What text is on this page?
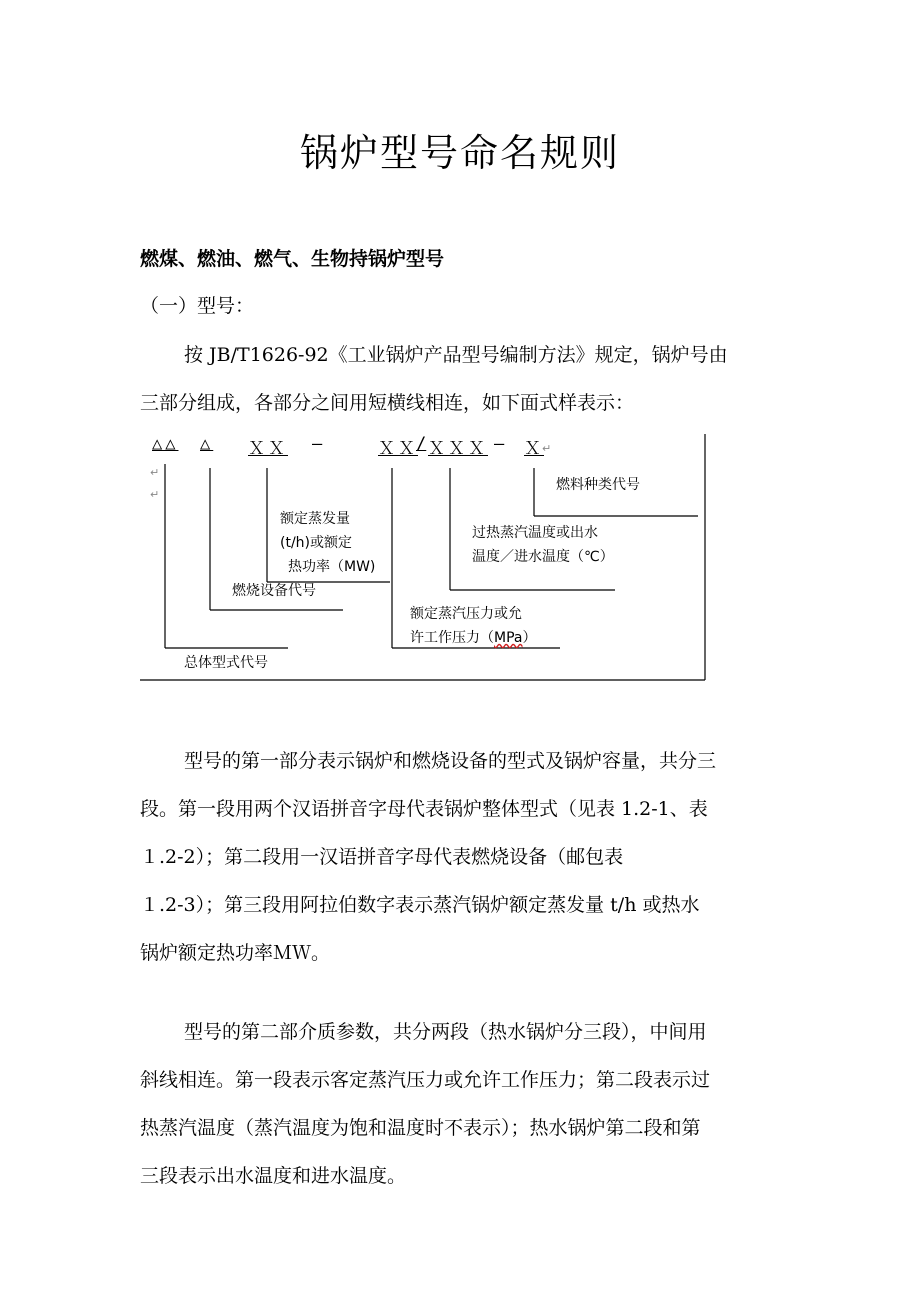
锅炉型号命名规则
燃煤、燃油、燃气、生物持锅炉型号
（一）型号：
按 JB/T1626-92《工业锅炉产品型号编制方法》规定，锅炉号由
三部分组成，各部分之间用短横线相连，如下面式样表示：
△△ △ ＸＸ —	ＸＸ
/ ＸＸＸ — Ｘ
↵
↵
↵
燃料种类代号
过热蒸汽温度或出水
温度／进水温度（℃）
额定蒸发量
(t/h)或额定
热功率（MW)
燃烧设备代号
额定蒸汽压力或允
许工作压力（MPa）
总体型式代号
型号的第一部分表示锅炉和燃烧设备的型式及锅炉容量，共分三
段。第一段用两个汉语拼音字母代表锅炉整体型式（见表 1.2-1、表
１.2-2）；第二段用一汉语拼音字母代表燃烧设备（邮包表
１.2-3）；第三段用阿拉伯数字表示蒸汽锅炉额定蒸发量 t/h 或热水
锅炉额定热功率ＭＷ。
型号的第二部介质参数，共分两段（热水锅炉分三段），中间用
斜线相连。第一段表示客定蒸汽压力或允许工作压力；第二段表示过
热蒸汽温度（蒸汽温度为饱和温度时不表示）；热水锅炉第二段和第
三段表示出水温度和进水温度。
